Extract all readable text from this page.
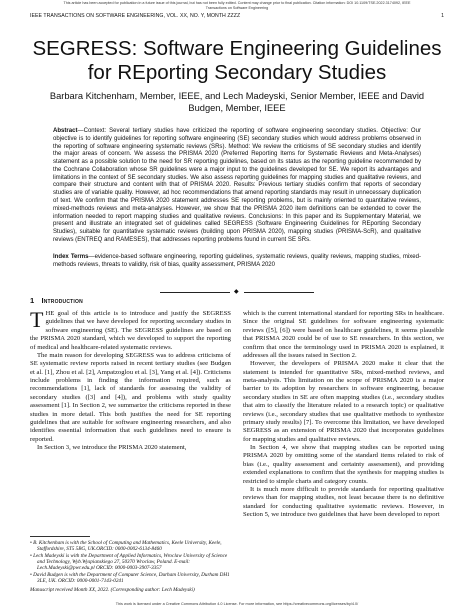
This article has been accepted for publication in a future issue of this journal, but has not been fully edited. Content may change prior to final publication. Citation information: DOI 10.1109/TSE.2022.3174092, IEEE
Transactions on Software Engineering
IEEE TRANSACTIONS ON SOFTWARE ENGINEERING, VOL. XX, NO. Y, MONTH ZZZZ	1
SEGRESS: Software Engineering Guidelines for REporting Secondary Studies
Barbara Kitchenham, Member, IEEE, and Lech Madeyski, Senior Member, IEEE and David Budgen, Member, IEEE
Abstract—Context: Several tertiary studies have criticized the reporting of software engineering secondary studies. Objective: Our objective is to identify guidelines for reporting software engineering (SE) secondary studies which would address problems observed in the reporting of software engineering systematic reviews (SRs). Method: We review the criticisms of SE secondary studies and identify the major areas of concern. We assess the PRISMA 2020 (Preferred Reporting Items for Systematic Reviews and Meta-Analyses) statement as a possible solution to the need for SR reporting guidelines, based on its status as the reporting guideline recommended by the Cochrane Collaboration whose SR guidelines were a major input to the guidelines developed for SE. We report its advantages and limitations in the context of SE secondary studies. We also assess reporting guidelines for mapping studies and qualitative reviews, and compare their structure and content with that of PRISMA 2020. Results: Previous tertiary studies confirm that reports of secondary studies are of variable quality. However, ad hoc recommendations that amend reporting standards may result in unnecessary duplication of text. We confirm that the PRISMA 2020 statement addresses SE reporting problems, but is mainly oriented to quantitative reviews, mixed-methods reviews and meta-analyses. However, we show that the PRISMA 2020 item definitions can be extended to cover the information needed to report mapping studies and qualitative reviews. Conclusions: In this paper and its Supplementary Material, we present and illustrate an integrated set of guidelines called SEGRESS (Software Engineering Guidelines for REporting Secondary Studies), suitable for quantitative systematic reviews (building upon PRISMA 2020), mapping studies (PRISMA-ScR), and qualitative reviews (ENTREQ and RAMESES), that addresses reporting problems found in current SE SRs.
Index Terms—evidence-based software engineering, reporting guidelines, systematic reviews, quality reviews, mapping studies, mixed-methods reviews, threats to validity, risk of bias, quality assessment, PRISMA 2020
◆
1 Introduction

THE goal of this article is to introduce and justify the SEGRESS guidelines that we have developed for reporting secondary studies in software engineering (SE). The SEGRESS guidelines are based on the PRISMA 2020 standard, which we developed to support the reporting of medical and healthcare-related systematic reviews.

The main reason for developing SEGRESS was to address criticisms of SE systematic review reports raised in recent tertiary studies (see Budgen et al. [1], Zhou et al. [2], Ampatzoglou et al. [3], Yang et al. [4]). Criticisms include problems in finding the information required, such as recommendations [1], lack of standards for assessing the validity of secondary studies ([3] and [4]), and problems with study quality assessment [1]. In Section 2, we summarize the criticisms reported in these studies in more detail. This both justifies the need for SE reporting guidelines that are suitable for software engineering researchers, and also identifies essential information that such guidelines need to ensure is reported.

In Section 3, we introduce the PRISMA 2020 statement,

which is the current international standard for reporting SRs in healthcare. Since the original SE guidelines for software engineering systematic reviews ([5], [6]) were based on healthcare guidelines, it seems plausible that PRISMA 2020 could be of use to SE researchers. In this section, we confirm that once the terminology used in PRISMA 2020 is explained, it addresses all the issues raised in Section 2.

However, the developers of PRISMA 2020 make it clear that the statement is intended for quantitative SRs, mixed-method reviews, and meta-analysis. This limitation on the scope of PRISMA 2020 is a major barrier to its adoption by researchers in software engineering, because secondary studies in SE are often mapping studies (i.e., secondary studies that aim to classify the literature related to a research topic) or qualitative reviews (i.e., secondary studies that use qualitative methods to synthesize primary study results) [7]. To overcome this limitation, we have developed SEGRESS as an extension of PRISMA 2020 that incorporates guidelines for mapping studies and qualitative reviews.

In Section 4, we show that mapping studies can be reported using PRISMA 2020 by omitting some of the standard items related to risk of bias (i.e., quality assessment and certainty assessment), and providing extended explanations to confirm that the synthesis for mapping studies is restricted to simple charts and category counts.

It is much more difficult to provide standards for reporting qualitative reviews than for mapping studies, not least because there is no definitive standard for conducting qualitative systematic reviews. However, in Section 5, we introduce two guidelines that have been developed to report

• B. Kitchenham is with the School of Computing and Mathematics, Keele University, Keele, Staffordshire, ST5 5BG, UK.ORCID: 0000-0002-6134-8460
• Lech Madeyski is with the Department of Applied Informatics, Wroclaw University of Science and Technology, Wyb.Wyspianskiego 27, 50370 Wroclaw, Poland. E-mail: Lech.Madeyski@pwr.edu.pl ORCID: 0000-0003-3907-3357
• David Budgen is with the Department of Computer Science, Durham University, Durham DH1 3LE, UK. ORCID: 0000-0001-7143-0241
Manuscript received Month XX, 2022. (Corresponding author: Lech Madeyski)
This work is licensed under a Creative Commons Attribution 4.0 License. For more information, see https://creativecommons.org/licenses/by/4.0/
